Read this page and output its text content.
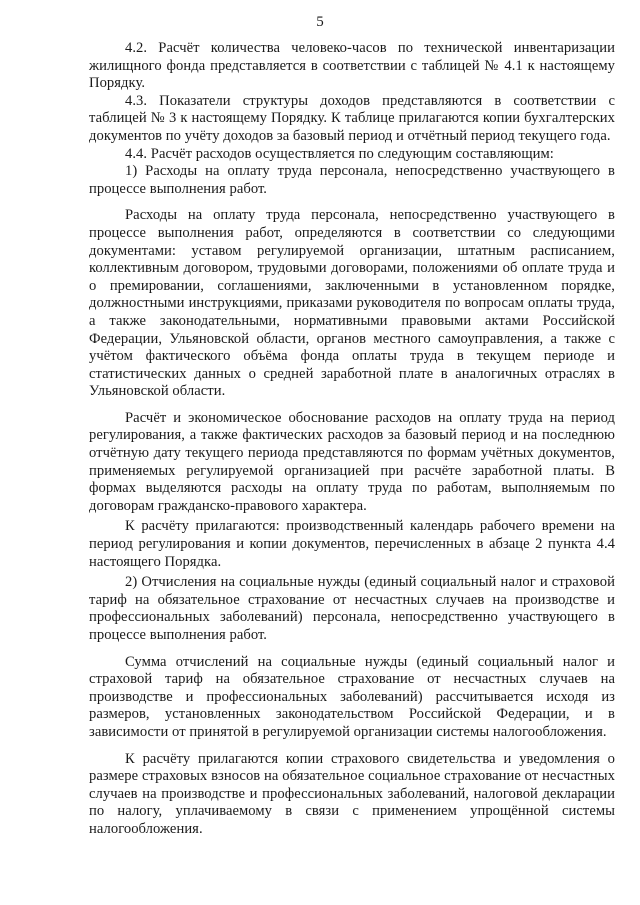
5

4.2. Расчёт количества человеко-часов по технической инвентаризации жилищного фонда представляется в соответствии с таблицей № 4.1 к настоящему Порядку.

4.3. Показатели структуры доходов представляются в соответствии с таблицей № 3 к настоящему Порядку. К таблице прилагаются копии бухгалтерских документов по учёту доходов за базовый период и отчётный период текущего года.

4.4. Расчёт расходов осуществляется по следующим составляющим:

1) Расходы на оплату труда персонала, непосредственно участвующего в процессе выполнения работ.

Расходы на оплату труда персонала, непосредственно участвующего в процессе выполнения работ, определяются в соответствии со следующими документами: уставом регулируемой организации, штатным расписанием, коллективным договором, трудовыми договорами, положениями об оплате труда и о премировании, соглашениями, заключенными в установленном порядке, должностными инструкциями, приказами руководителя по вопросам оплаты труда, а также законодательными, нормативными правовыми актами Российской Федерации, Ульяновской области, органов местного самоуправления, а также с учётом фактического объёма фонда оплаты труда в текущем периоде и статистических данных о средней заработной плате в аналогичных отраслях в Ульяновской области.

Расчёт и экономическое обоснование расходов на оплату труда на период регулирования, а также фактических расходов за базовый период и на последнюю отчётную дату текущего периода представляются по формам учётных документов, применяемых регулируемой организацией при расчёте заработной платы. В формах выделяются расходы на оплату труда по работам, выполняемым по договорам гражданско-правового характера.

К расчёту прилагаются: производственный календарь рабочего времени на период регулирования и копии документов, перечисленных в абзаце 2 пункта 4.4 настоящего Порядка.

2) Отчисления на социальные нужды (единый социальный налог и страховой тариф на обязательное страхование от несчастных случаев на производстве и профессиональных заболеваний) персонала, непосредственно участвующего в процессе выполнения работ.

Сумма отчислений на социальные нужды (единый социальный налог и страховой тариф на обязательное страхование от несчастных случаев на производстве и профессиональных заболеваний) рассчитывается исходя из размеров, установленных законодательством Российской Федерации, и в зависимости от принятой в регулируемой организации системы налогообложения.

К расчёту прилагаются копии страхового свидетельства и уведомления о размере страховых взносов на обязательное социальное страхование от несчастных случаев на производстве и профессиональных заболеваний, налоговой декларации по налогу, уплачиваемому в связи с применением упрощённой системы налогообложения.
